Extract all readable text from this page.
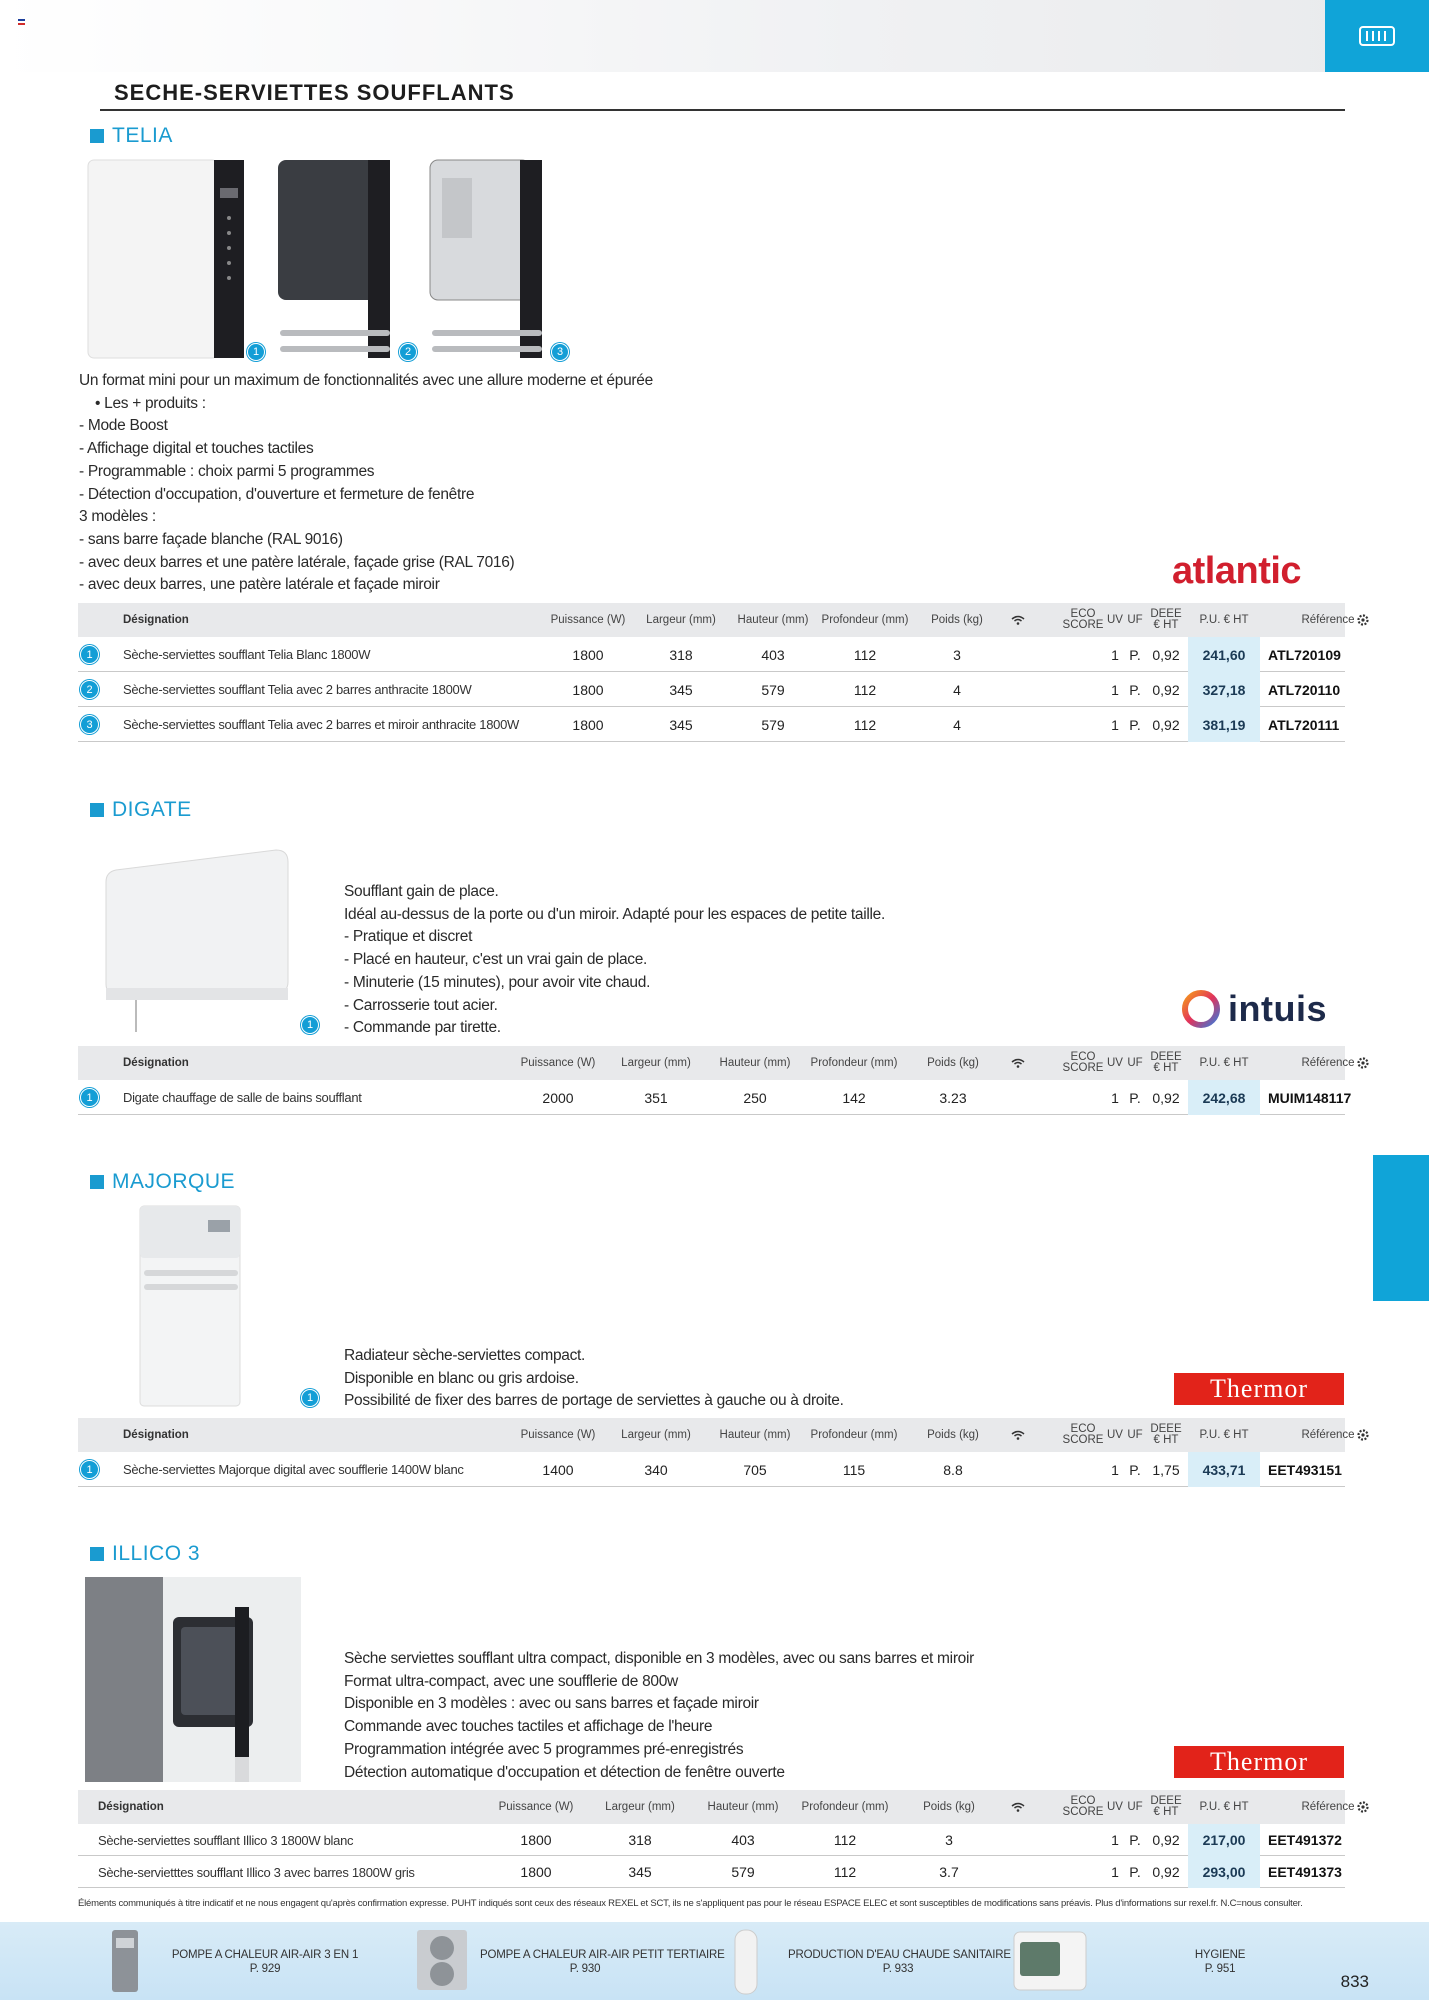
SECHE-SERVIETTES SOUFFLANTS
TELIA
1	2	3
Un format mini pour un maximum de fonctionnalités avec une allure moderne et épurée
• Les + produits :
- Mode Boost
- Affichage digital et touches tactiles
- Programmable : choix parmi 5 programmes
- Détection d'occupation, d'ouverture et fermeture de fenêtre
3 modèles :
- sans barre façade blanche (RAL 9016)
- avec deux barres et une patère latérale, façade grise (RAL 7016)
- avec deux barres, une patère latérale et façade miroir	atlantic
Désignation	Puissance (W)	Largeur (mm)	Hauteur (mm)	Profondeur (mm)	Poids (kg)	ECO
SCORE UV UF DEEE
€ HT	P.U. € HT	Référence
1	Sèche-serviettes soufflant Telia Blanc 1800W	1800	318	403	112	3	1 P. 0,92	241,60	ATL720109
2	Sèche-serviettes soufflant Telia avec 2 barres anthracite 1800W	1800	345	579	112	4	1 P. 0,92	327,18	ATL720110
3	Sèche-serviettes soufflant Telia avec 2 barres et miroir anthracite 1800W	1800	345	579	112	4	1 P. 0,92	381,19	ATL720111
DIGATE
1
Soufflant gain de place.
Idéal au-dessus de la porte ou d'un miroir. Adapté pour les espaces de petite taille.
- Pratique et discret
- Placé en hauteur, c'est un vrai gain de place.
- Minuterie (15 minutes), pour avoir vite chaud.
- Carrosserie tout acier.
- Commande par tirette.	intuis
Désignation	Puissance (W)	Largeur (mm)	Hauteur (mm)	Profondeur (mm)	Poids (kg)	ECO
SCORE UV UF DEEE
€ HT	P.U. € HT	Référence
1	Digate chauffage de salle de bains soufflant	2000	351	250	142	3.23	1 P. 0,92	242,68	MUIM148117
MAJORQUE
1
Radiateur sèche-serviettes compact.
Disponible en blanc ou gris ardoise.
Possibilité de fixer des barres de portage de serviettes à gauche ou à droite.	Thermor
Désignation	Puissance (W)	Largeur (mm)	Hauteur (mm)	Profondeur (mm)	Poids (kg)	ECO
SCORE UV UF DEEE
€ HT	P.U. € HT	Référence
1	Sèche-serviettes Majorque digital avec soufflerie 1400W blanc	1400	340	705	115	8.8	1 P. 1,75	433,71	EET493151
ILLICO 3
Sèche serviettes soufflant ultra compact, disponible en 3 modèles, avec ou sans barres et miroir
Format ultra-compact, avec une soufflerie de 800w
Disponible en 3 modèles : avec ou sans barres et façade miroir
Commande avec touches tactiles et affichage de l'heure
Programmation intégrée avec 5 programmes pré-enregistrés
Détection automatique d'occupation et détection de fenêtre ouverte	Thermor
Désignation	Puissance (W)	Largeur (mm)	Hauteur (mm)	Profondeur (mm)	Poids (kg)	ECO
SCORE UV UF DEEE
€ HT	P.U. € HT	Référence
Sèche-serviettes soufflant Illico 3 1800W blanc	1800	318	403	112	3	1 P. 0,92	217,00	EET491372
Sèche-servietttes soufflant Illico 3 avec barres 1800W gris	1800	345	579	112	3.7	1 P. 0,92	293,00	EET491373
Éléments communiqués à titre indicatif et ne nous engagent qu'après confirmation expresse. PUHT indiqués sont ceux des réseaux REXEL et SCT, ils ne s'appliquent pas pour le réseau ESPACE ELEC et sont susceptibles de modifications sans préavis. Plus d'informations sur rexel.fr. N.C=nous consulter.
POMPE A CHALEUR AIR-AIR 3 EN 1
P. 929
POMPE A CHALEUR AIR-AIR PETIT TERTIAIRE
P. 930
PRODUCTION D'EAU CHAUDE SANITAIRE
P. 933
HYGIENE
P. 951
833
